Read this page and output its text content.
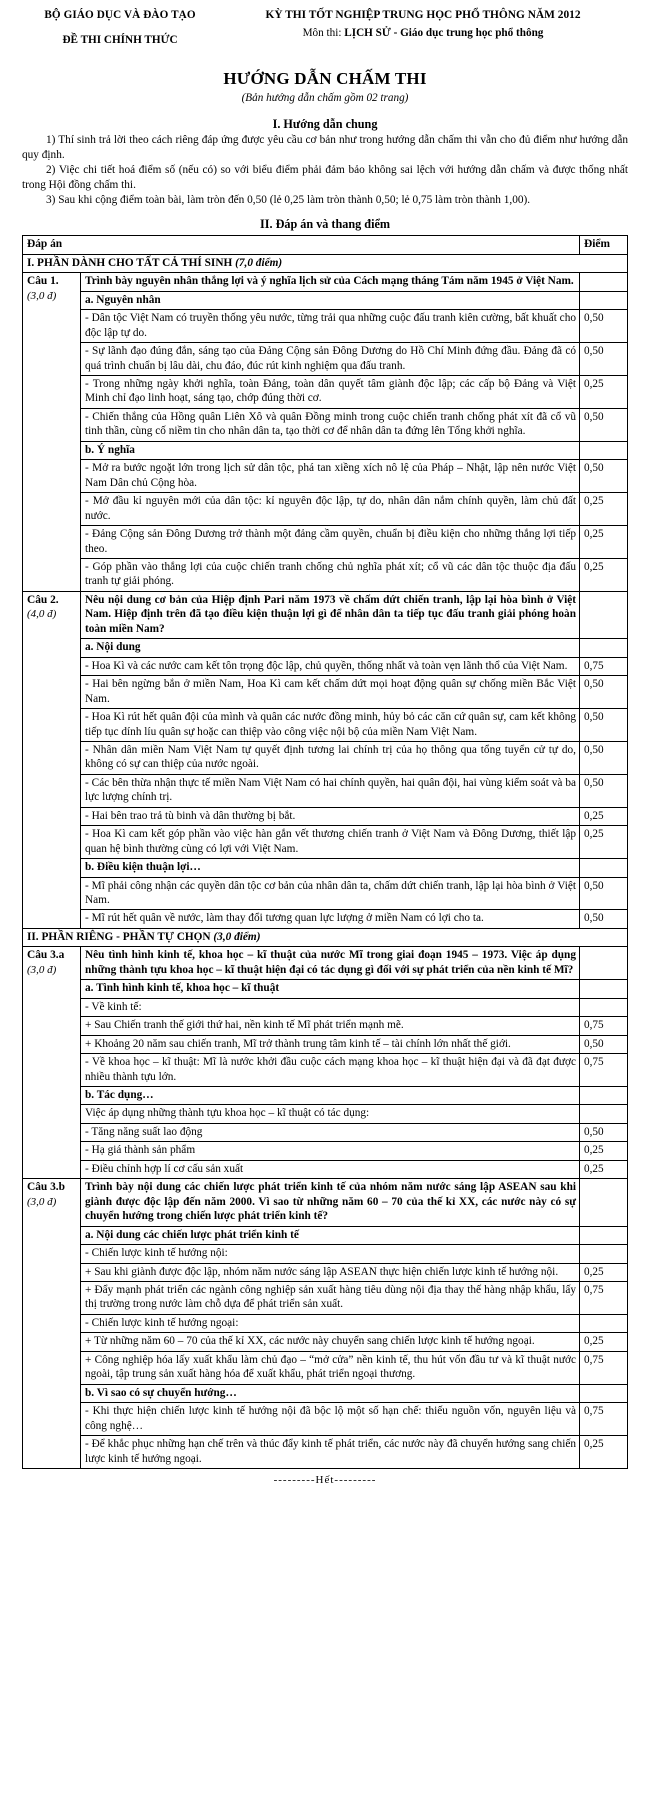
BỘ GIÁO DỤC VÀ ĐÀO TẠO
ĐỀ THI CHÍNH THỨC
KỲ THI TỐT NGHIỆP TRUNG HỌC PHỔ THÔNG NĂM 2012
Môn thi: LỊCH SỬ - Giáo dục trung học phổ thông
HƯỚNG DẪN CHẤM THI
(Bản hướng dẫn chấm gồm 02 trang)
I. Hướng dẫn chung
1) Thí sinh trả lời theo cách riêng đáp ứng được yêu cầu cơ bản như trong hướng dẫn chấm thi vẫn cho đủ điểm như hướng dẫn quy định.
2) Việc chi tiết hoá điểm số (nếu có) so với biểu điểm phải đảm bảo không sai lệch với hướng dẫn chấm và được thống nhất trong Hội đồng chấm thi.
3) Sau khi cộng điểm toàn bài, làm tròn đến 0,50 (lẻ 0,25 làm tròn thành 0,50; lẻ 0,75 làm tròn thành 1,00).
II. Đáp án và thang điểm
Đáp án		Điểm
I. PHẦN DÀNH CHO TẤT CẢ THÍ SINH (7,0 điểm)		

Câu 1.
(3,0 đ)	Trình bày nguyên nhân thắng lợi và ý nghĩa lịch sử của Cách mạng tháng Tám năm 1945 ở Việt Nam.	
	a. Nguyên nhân	
	- Dân tộc Việt Nam có truyền thống yêu nước, từng trải qua những cuộc đấu tranh kiên cường, bất khuất cho độc lập tự do.	0,50
	- Sự lãnh đạo đúng đắn, sáng tạo của Đảng Cộng sản Đông Dương do Hồ Chí Minh đứng đầu. Đảng đã có quá trình chuẩn bị lâu dài, chu đáo, đúc rút kinh nghiệm qua đấu tranh.	0,50
	- Trong những ngày khởi nghĩa, toàn Đảng, toàn dân quyết tâm giành độc lập; các cấp bộ Đảng và Việt Minh chỉ đạo linh hoạt, sáng tạo, chớp đúng thời cơ.	0,25
	- Chiến thắng của Hồng quân Liên Xô và quân Đồng minh trong cuộc chiến tranh chống phát xít đã cổ vũ tinh thần, cùng cố niềm tin cho nhân dân ta, tạo thời cơ để nhân dân ta đứng lên Tổng khởi nghĩa.	0,50
	b. Ý nghĩa	
	- Mở ra bước ngoặt lớn trong lịch sử dân tộc, phá tan xiềng xích nô lệ của Pháp – Nhật, lập nên nước Việt Nam Dân chủ Cộng hòa.	0,50
	- Mở đầu kỉ nguyên mới của dân tộc: kỉ nguyên độc lập, tự do, nhân dân nắm chính quyền, làm chủ đất nước.	0,25
	- Đảng Cộng sản Đông Dương trở thành một đảng cầm quyền, chuẩn bị điều kiện cho những thắng lợi tiếp theo.	0,25
	- Góp phần vào thắng lợi của cuộc chiến tranh chống chủ nghĩa phát xít; cổ vũ các dân tộc thuộc địa đấu tranh tự giải phóng.	0,25

Câu 2.
(4,0 đ)	Nêu nội dung cơ bản của Hiệp định Pari năm 1973 về chấm dứt chiến tranh, lập lại hòa bình ở Việt Nam. Hiệp định trên đã tạo điều kiện thuận lợi gì để nhân dân ta tiếp tục đấu tranh giải phóng hoàn toàn miền Nam?	
	a. Nội dung	
	- Hoa Kì và các nước cam kết tôn trọng độc lập, chủ quyền, thống nhất và toàn vẹn lãnh thổ của Việt Nam.	0,75
	- Hai bên ngừng bắn ở miền Nam, Hoa Kì cam kết chấm dứt mọi hoạt động quân sự chống miền Bắc Việt Nam.	0,50
	- Hoa Kì rút hết quân đội của mình và quân các nước đồng minh, hủy bỏ các căn cứ quân sự, cam kết không tiếp tục dính líu quân sự hoặc can thiệp vào công việc nội bộ của miền Nam Việt Nam.	0,50
	- Nhân dân miền Nam Việt Nam tự quyết định tương lai chính trị của họ thông qua tổng tuyển cử tự do, không có sự can thiệp của nước ngoài.	0,50
	- Các bên thừa nhận thực tế miền Nam Việt Nam có hai chính quyền, hai quân đội, hai vùng kiểm soát và ba lực lượng chính trị.	0,50
	- Hai bên trao trả tù binh và dân thường bị bắt.	0,25
	- Hoa Kì cam kết góp phần vào việc hàn gắn vết thương chiến tranh ở Việt Nam và Đông Dương, thiết lập quan hệ bình thường cùng có lợi với Việt Nam.	0,25
	b. Điều kiện thuận lợi…	
	- Mĩ phải công nhận các quyền dân tộc cơ bản của nhân dân ta, chấm dứt chiến tranh, lập lại hòa bình ở Việt Nam.	0,50
	- Mĩ rút hết quân về nước, làm thay đổi tương quan lực lượng ở miền Nam có lợi cho ta.	0,50
II. PHẦN RIÊNG - PHẦN TỰ CHỌN (3,0 điểm)		

Câu 3.a
(3,0 đ)	Nêu tình hình kinh tế, khoa học – kĩ thuật của nước Mĩ trong giai đoạn 1945 – 1973. Việc áp dụng những thành tựu khoa học – kĩ thuật hiện đại có tác dụng gì đối với sự phát triển của nền kinh tế Mĩ?	
	a. Tình hình kinh tế, khoa học – kĩ thuật	
	- Về kinh tế:	
	+ Sau Chiến tranh thế giới thứ hai, nền kinh tế Mĩ phát triển mạnh mẽ.	0,75
	+ Khoảng 20 năm sau chiến tranh, Mĩ trở thành trung tâm kinh tế – tài chính lớn nhất thế giới.	0,50
	- Về khoa học – kĩ thuật: Mĩ là nước khởi đầu cuộc cách mạng khoa học – kĩ thuật hiện đại và đã đạt được nhiều thành tựu lớn.	0,75
	b. Tác dụng…	
	Việc áp dụng những thành tựu khoa học – kĩ thuật có tác dụng:	
	- Tăng năng suất lao động	0,50
	- Hạ giá thành sản phẩm	0,25
	- Điều chỉnh hợp lí cơ cấu sản xuất	0,25

Câu 3.b
(3,0 đ)	Trình bày nội dung các chiến lược phát triển kinh tế của nhóm năm nước sáng lập ASEAN sau khi giành được độc lập đến năm 2000. Vì sao từ những năm 60 – 70 của thế kỉ XX, các nước này có sự chuyển hướng trong chiến lược phát triển kinh tế?	
	a. Nội dung các chiến lược phát triển kinh tế	
	- Chiến lược kinh tế hướng nội:	
	+ Sau khi giành được độc lập, nhóm năm nước sáng lập ASEAN thực hiện chiến lược kinh tế hướng nội.	0,25
	+ Đẩy mạnh phát triển các ngành công nghiệp sản xuất hàng tiêu dùng nội địa thay thế hàng nhập khẩu, lấy thị trường trong nước làm chỗ dựa để phát triển sản xuất.	0,75
	- Chiến lược kinh tế hướng ngoại:	
	+ Từ những năm 60 – 70 của thế kỉ XX, các nước này chuyển sang chiến lược kinh tế hướng ngoại.	0,25
	+ Công nghiệp hóa lấy xuất khẩu làm chủ đạo – “mở cửa” nền kinh tế, thu hút vốn đầu tư và kĩ thuật nước ngoài, tập trung sản xuất hàng hóa để xuất khẩu, phát triển ngoại thương.	0,75
	b. Vì sao có sự chuyển hướng…	
	- Khi thực hiện chiến lược kinh tế hướng nội đã bộc lộ một số hạn chế: thiếu nguồn vốn, nguyên liệu và công nghệ…	0,75
	- Để khắc phục những hạn chế trên và thúc đẩy kinh tế phát triển, các nước này đã chuyển hướng sang chiến lược kinh tế hướng ngoại.	0,25
---------Hết---------
